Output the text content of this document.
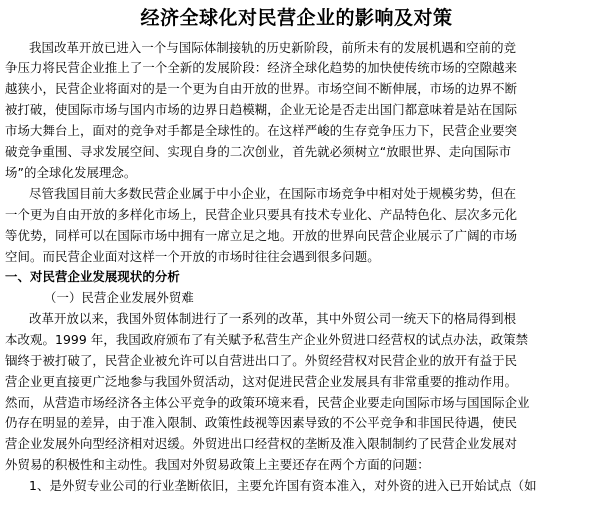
经济全球化对民营企业的影响及对策
我国改革开放已进入一个与国际体制接轨的历史新阶段，前所未有的发展机遇和空前的竞
争压力将民营企业推上了一个全新的发展阶段：经济全球化趋势的加快使传统市场的空隙越来
越狭小，民营企业将面对的是一个更为自由开放的世界。市场空间不断伸展，市场的边界不断
被打破，使国际市场与国内市场的边界日趋模糊，企业无论是否走出国门都意味着是站在国际
市场大舞台上，面对的竞争对手都是全球性的。在这样严峻的生存竞争压力下，民营企业要突
破竞争重围、寻求发展空间、实现自身的二次创业，首先就必须树立“放眼世界、走向国际市
场”的全球化发展理念。
尽管我国目前大多数民营企业属于中小企业，在国际市场竞争中相对处于规模劣势，但在
一个更为自由开放的多样化市场上，民营企业只要具有技术专业化、产品特色化、层次多元化
等优势，同样可以在国际市场中拥有一席立足之地。开放的世界向民营企业展示了广阔的市场
空间。而民营企业面对这样一个开放的市场时往往会遇到很多问题。
一、对民营企业发展现状的分析
（一）民营企业发展外贸难
改革开放以来，我国外贸体制进行了一系列的改革，其中外贸公司一统天下的格局得到根
本改观。1999 年，我国政府颁布了有关赋予私营生产企业外贸进口经营权的试点办法，政策禁
锢终于被打破了，民营企业被允许可以自营进出口了。外贸经营权对民营企业的放开有益于民
营企业更直接更广泛地参与我国外贸活动，这对促进民营企业发展具有非常重要的推动作用。
然而，从营造市场经济各主体公平竞争的政策环境来看，民营企业要走向国际市场与国国际企业
仍存在明显的差异，由于准入限制、政策性歧视等因素导致的不公平竞争和非国民待遇，使民
营企业发展外向型经济相对迟缓。外贸进出口经营权的垄断及准入限制制约了民营企业发展对
外贸易的积极性和主动性。我国对外贸易政策上主要还存在两个方面的问题：
1、是外贸专业公司的行业垄断依旧，主要允许国有资本准入，对外资的进入已开始试点（如
